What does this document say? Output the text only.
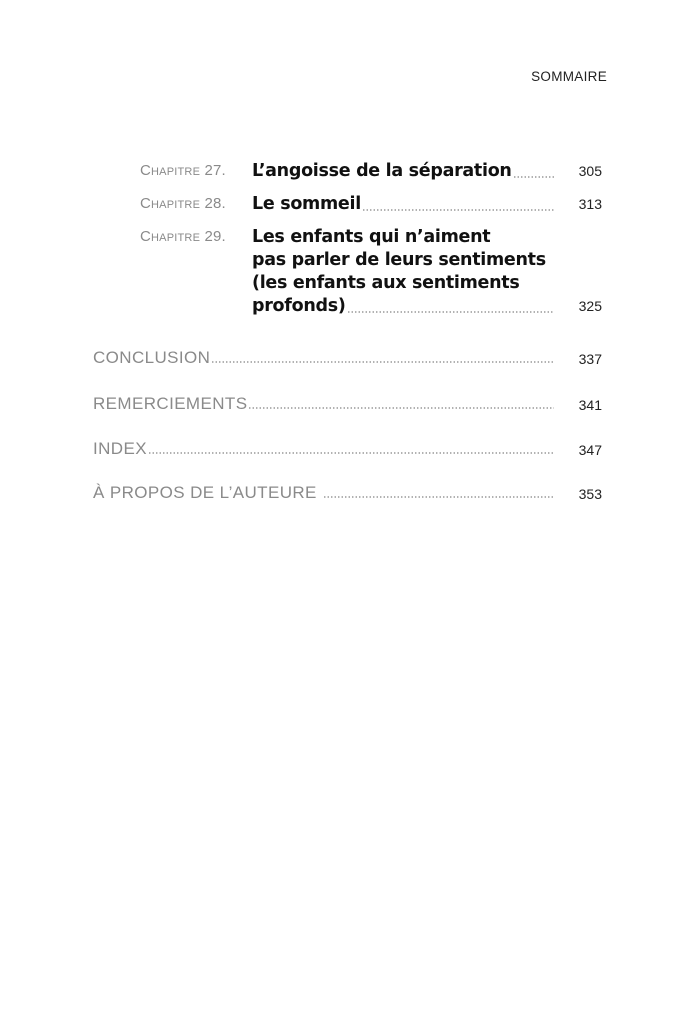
SOMMAIRE
Chapitre 27. L’angoisse de la séparation	305
Chapitre 28. Le sommeil	313
Chapitre 29. Les enfants qui n’aiment
pas parler de leurs sentiments
(les enfants aux sentiments
profonds)	325
CONCLUSION	337
REMERCIEMENTS	341
INDEX	347
À PROPOS DE L’AUTEURE	353
